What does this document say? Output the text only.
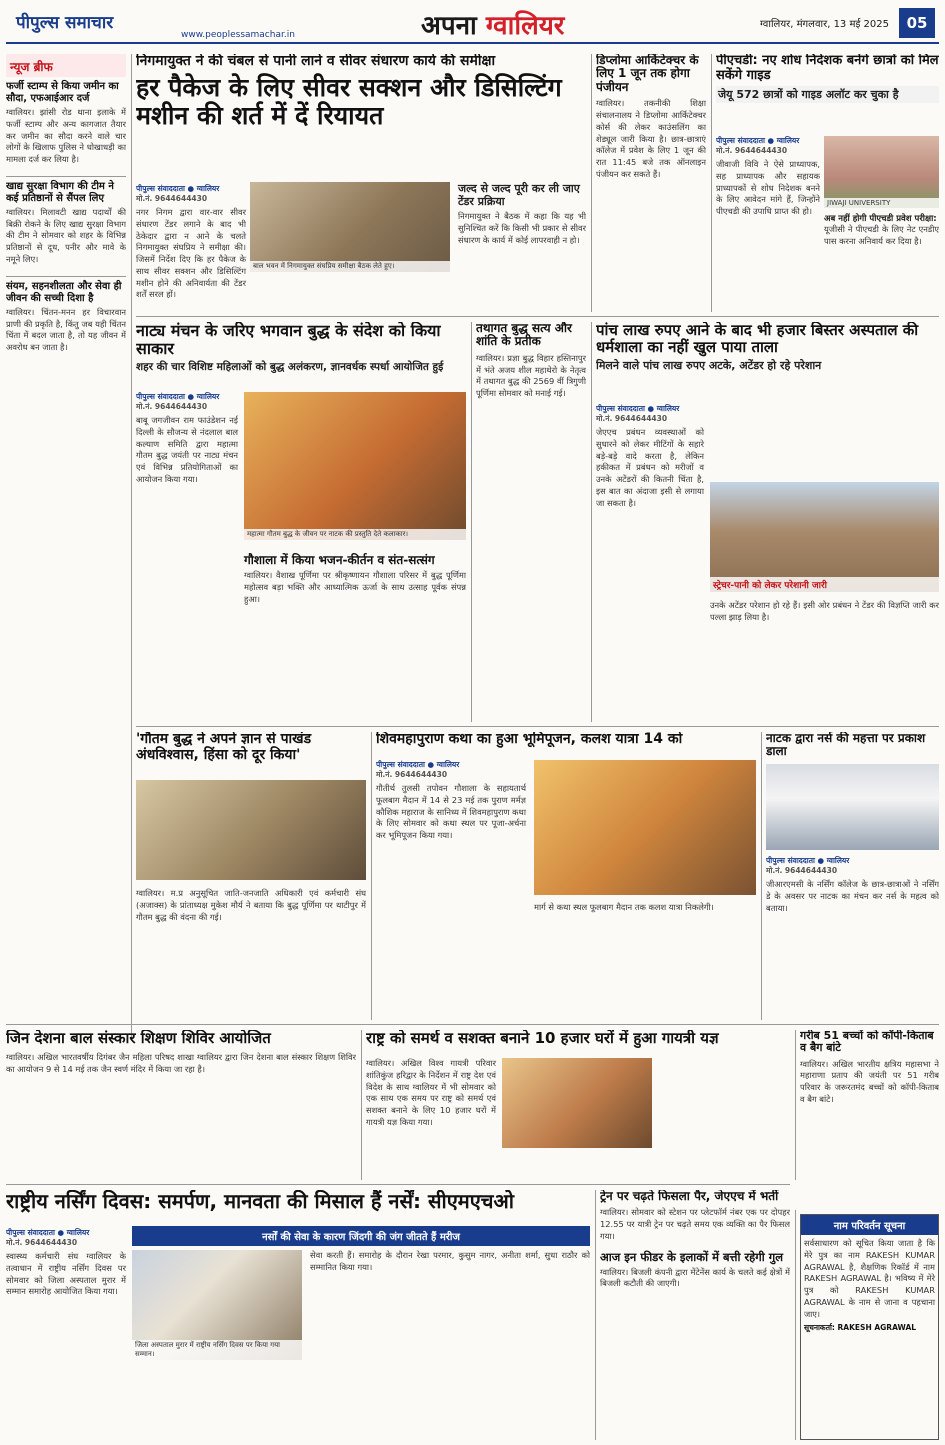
पीपुल्स समाचार
www.peoplessamachar.in	अपना ग्वालियर	ग्वालियर, मंगलवार, 13 मई 2025	05
न्यूज ब्रीफ
फर्जी स्टाम्प से किया जमीन का सौदा, एफआईआर दर्ज
ग्वालियर। झांसी रोड थाना इलाके में फर्जी स्टाम्प और अन्य कागजात तैयार कर जमीन का सौदा करने वाले चार लोगों के खिलाफ पुलिस ने धोखाधड़ी का मामला दर्ज कर लिया है।
खाद्य सुरक्षा विभाग की टीम ने कई प्रतिष्ठानों से सैंपल लिए
ग्वालियर। मिलावटी खाद्य पदार्थों की बिक्री रोकने के लिए खाद्य सुरक्षा विभाग की टीम ने सोमवार को शहर के विभिन्न प्रतिष्ठानों से दूध, पनीर और मावे के नमूने लिए।
संयम, सहनशीलता और सेवा ही जीवन की सच्ची दिशा है
ग्वालियर। चिंतन-मनन हर विचारवान प्राणी की प्रकृति है, किंतु जब यही चिंतन चिंता में बदल जाता है, तो यह जीवन में अवरोध बन जाता है।
निगमायुक्त ने की चंबल से पानी लाने व सीवर संधारण कार्य की समीक्षा
हर पैकेज के लिए सीवर सक्शन और डिसिल्टिंग मशीन की शर्त में दें रियायत
पीपुल्स संवाददाता ● ग्वालियर
मो.नं. 9644644430
नगर निगम द्वारा वार-वार सीवर संधारण टेंडर लगाने के बाद भी ठेकेदार द्वारा न आने के चलते निगमायुक्त संघप्रिय ने समीक्षा की। जिसमें निर्देश दिए कि हर पैकेज के साथ सीवर सक्शन और डिसिल्टिंग मशीन होने की अनिवार्यता की टेंडर शर्तें सरल हों।
बाल भवन में निगमायुक्त संघप्रिय समीक्षा बैठक लेते हुए।
जल्द से जल्द पूरी कर ली जाए टेंडर प्रक्रिया
निगमायुक्त ने बैठक में कहा कि यह भी सुनिश्चित करें कि किसी भी प्रकार से सीवर संधारण के कार्य में कोई लापरवाही न हो।
डिप्लोमा आर्किटेक्चर के लिए 1 जून तक होगा पंजीयन
ग्वालियर। तकनीकी शिक्षा संचालनालय ने डिप्लोमा आर्किटेक्चर कोर्स की लेकर काउंसलिंग का शेड्यूल जारी किया है। छात्र-छात्राएं कॉलेज में प्रवेश के लिए 1 जून की रात 11:45 बजे तक ऑनलाइन पंजीयन कर सकते हैं।
पीएचडी: नए शोध निदेशक बनेंगे छात्रों को मिल सकेंगे गाइड
जेयू 572 छात्रों को गाइड अलॉट कर चुका है
पीपुल्स संवाददाता ● ग्वालियर
मो.नं. 9644644430
जीवाजी विवि ने ऐसे प्राध्यापक, सह प्राध्यापक और सहायक प्राध्यापकों से शोध निदेशक बनने के लिए आवेदन मांगे हैं, जिन्होंने पीएचडी की उपाधि प्राप्त की हो।
JIWAJI UNIVERSITY
अब नहीं होगी पीएचडी प्रवेश परीक्षा:
यूजीसी ने पीएचडी के लिए नेट एनडीए पास करना अनिवार्य कर दिया है।
नाट्य मंचन के जरिए भगवान बुद्ध के संदेश को किया साकार
शहर की चार विशिष्ट महिलाओं को बुद्ध अलंकरण, ज्ञानवर्धक स्पर्धा आयोजित हुई
पीपुल्स संवाददाता ● ग्वालियर
मो.नं. 9644644430
बाबू जगजीवन राम फाउंडेशन नई दिल्ली के सौजन्य से नंदलाल बाल कल्याण समिति द्वारा महात्मा गौतम बुद्ध जयंती पर नाट्य मंचन एवं विभिन्न प्रतियोगिताओं का आयोजन किया गया।
महात्मा गौतम बुद्ध के जीवन पर नाटक की प्रस्तुति देते कलाकार।
गौशाला में किया भजन-कीर्तन व संत-सत्संग
ग्वालियर। वैशाख पूर्णिमा पर श्रीकृष्णायन गौशाला परिसर में बुद्ध पूर्णिमा महोत्सव बड़ा भक्ति और आध्यात्मिक ऊर्जा के साथ उत्साह पूर्वक संपन्न हुआ।
तथागत बुद्ध सत्य और शांति के प्रतीक
ग्वालियर। प्रज्ञा बुद्ध विहार हस्तिनापुर में भंते अजय शील महाथेरो के नेतृत्व में तथागत बुद्ध की 2569 वीं त्रिगुणी पूर्णिमा सोमवार को मनाई गई।
पांच लाख रुपए आने के बाद भी हजार बिस्तर अस्पताल की धर्मशाला का नहीं खुल पाया ताला
मिलने वाले पांच लाख रुपए अटके, अटेंडर हो रहे परेशान
पीपुल्स संवाददाता ● ग्वालियर
मो.नं. 9644644430
जेएएच प्रबंधन व्यवस्थाओं को सुधारने को लेकर मीटिंगों के सहारे बड़े-बड़े वादे करता है, लेकिन हकीकत में प्रबंधन को मरीजों व उनके अटेंडरों की कितनी चिंता है, इस बात का अंदाजा इसी से लगाया जा सकता है।
स्ट्रेचर-पानी को लेकर परेशानी जारी
उनके अटेंडर परेशान हो रहे हैं। इसी ओर प्रबंधन ने टेंडर की विज्ञप्ति जारी कर पल्ला झाड़ लिया है।
'गौतम बुद्ध ने अपने ज्ञान से पाखंड अंधविश्वास, हिंसा को दूर किया'
ग्वालियर। म.प्र अनुसूचित जाति-जनजाति अधिकारी एवं कर्मचारी संघ (अजाक्स) के प्रांताध्यक्ष मुकेश मौर्य ने बताया कि बुद्ध पूर्णिमा पर थाटीपुर में गौतम बुद्ध की वंदना की गई।
शिवमहापुराण कथा का हुआ भूमिपूजन, कलश यात्रा 14 को
पीपुल्स संवाददाता ● ग्वालियर
मो.नं. 9644644430
गौतीर्थ तुलसी तपोवन गौशाला के सहायतार्थ फूलबाग मैदान में 14 से 23 मई तक पुराण मर्मज्ञ कौशिक महाराज के सानिध्य में शिवमहापुराण कथा के लिए सोमवार को कथा स्थल पर पूजा-अर्चना कर भूमिपूजन किया गया।
मार्ग से कथा स्थल फूलबाग मैदान तक कलश यात्रा निकलेगी।
नाटक द्वारा नर्स की महत्ता पर प्रकाश डाला
पीपुल्स संवाददाता ● ग्वालियर
मो.नं. 9644644430
जीआरएमसी के नर्सिंग कॉलेज के छात्र-छात्राओं ने नर्सिंग डे के अवसर पर नाटक का मंचन कर नर्स के महत्व को बताया।
जिन देशना बाल संस्कार शिक्षण शिविर आयोजित
ग्वालियर। अखिल भारतवर्षीय दिगंबर जैन महिला परिषद शाखा ग्वालियर द्वारा जिन देशना बाल संस्कार शिक्षण शिविर का आयोजन 9 से 14 मई तक जैन स्वर्ण मंदिर में किया जा रहा है।
राष्ट्र को समर्थ व सशक्त बनाने 10 हजार घरों में हुआ गायत्री यज्ञ
ग्वालियर। अखिल विश्व गायत्री परिवार शांतिकुंज हरिद्वार के निर्देशन में राष्ट्र देश एवं विदेश के साथ ग्वालियर में भी सोमवार को एक साथ एक समय पर राष्ट्र को समर्थ एवं सशक्त बनाने के लिए 10 हजार घरों में गायत्री यज्ञ किया गया।
गरीब 51 बच्चों को कॉपी-किताब व बैग बांटे
ग्वालियर। अखिल भारतीय क्षत्रिय महासभा ने महाराणा प्रताप की जयंती पर 51 गरीब परिवार के जरूरतमंद बच्चों को कॉपी-किताब व बैग बांटे।
राष्ट्रीय नर्सिंग दिवस: समर्पण, मानवता की मिसाल हैं नर्सें: सीएमएचओ
पीपुल्स संवाददाता ● ग्वालियर
मो.नं. 9644644430
स्वास्थ्य कर्मचारी संघ ग्वालियर के तत्वाधान में राष्ट्रीय नर्सिंग दिवस पर सोमवार को जिला अस्पताल मुरार में सम्मान समारोह आयोजित किया गया।
नर्सों की सेवा के कारण जिंदगी की जंग जीतते हैं मरीज
जिला अस्पताल मुरार में राष्ट्रीय नर्सिंग दिवस पर किया गया सम्मान।
सेवा करती हैं। समारोह के दौरान रेखा परमार, कुसुम नागर, अनीता शर्मा, सुधा राठौर को सम्मानित किया गया।
ट्रेन पर चढ़ते फिसला पैर, जेएएच में भर्ती
ग्वालियर। सोमवार को स्टेशन पर प्लेटफॉर्म नंबर एक पर दोपहर 12.55 पर यात्री ट्रेन पर चढ़ते समय एक व्यक्ति का पैर फिसल गया।
आज इन फीडर के इलाकों में बत्ती रहेगी गुल
ग्वालियर। बिजली कंपनी द्वारा मेंटेनेंस कार्य के चलते कई क्षेत्रों में बिजली कटौती की जाएगी।
नाम परिवर्तन सूचना
सर्वसाधारण को सूचित किया जाता है कि मेरे पुत्र का नाम RAKESH KUMAR AGRAWAL है, शैक्षणिक रिकॉर्ड में नाम RAKESH AGRAWAL है। भविष्य में मेरे पुत्र को RAKESH KUMAR AGRAWAL के नाम से जाना व पहचाना जाए।
सूचनाकर्ता: RAKESH AGRAWAL
